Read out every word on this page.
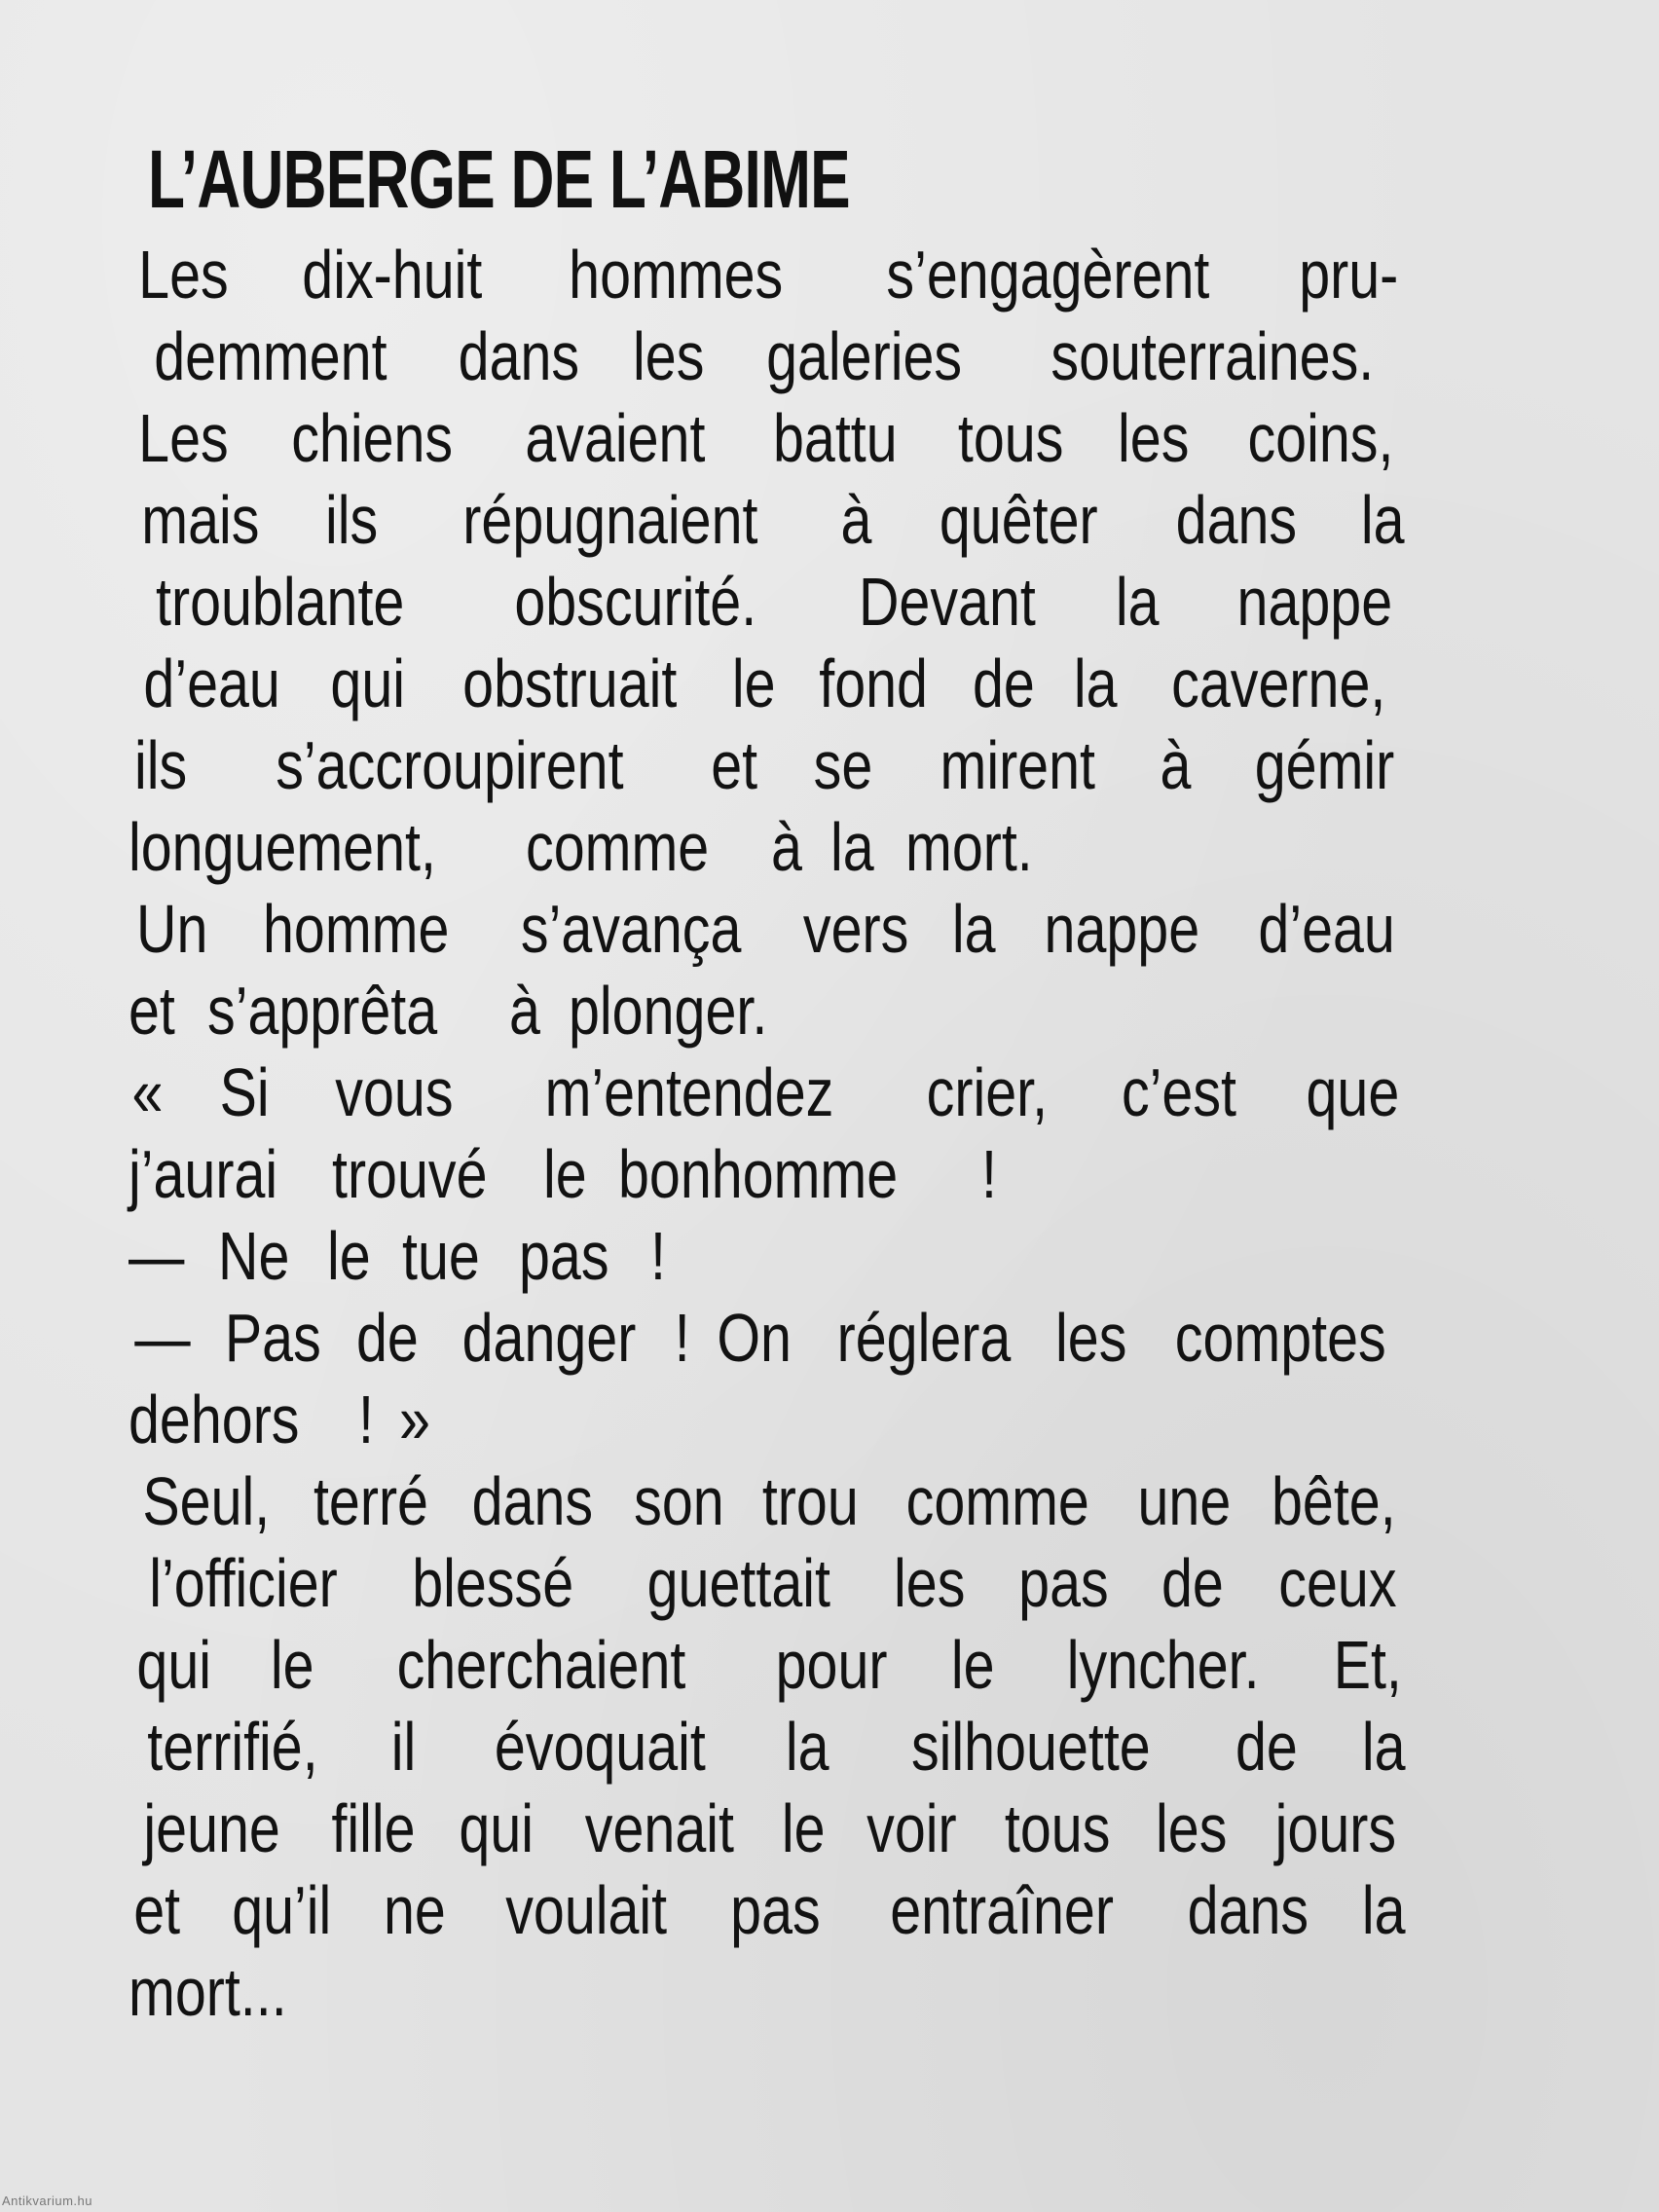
L’AUBERGE DE L’ABIME
Les dix-huit hommes s’engagèrent pru-
demment dans les galeries souterraines.
Les chiens avaient battu tous les coins,
mais ils répugnaient à quêter dans la
troublante obscurité. Devant la nappe
d’eau qui obstruait le fond de la caverne,
ils s’accroupirent et se mirent à gémir
longuement, comme à la mort.
Un homme s’avança vers la nappe d’eau
et s’apprêta à plonger.
« Si vous m’entendez crier, c’est que
j’aurai trouvé le bonhomme !
— Ne le tue pas !
— Pas de danger ! On réglera les comptes
dehors ! »
Seul, terré dans son trou comme une bête,
l’officier blessé guettait les pas de ceux
qui le cherchaient pour le lyncher. Et,
terrifié, il évoquait la silhouette de la
jeune fille qui venait le voir tous les jours
et qu’il ne voulait pas entraîner dans la
mort...
Antikvarium.hu
